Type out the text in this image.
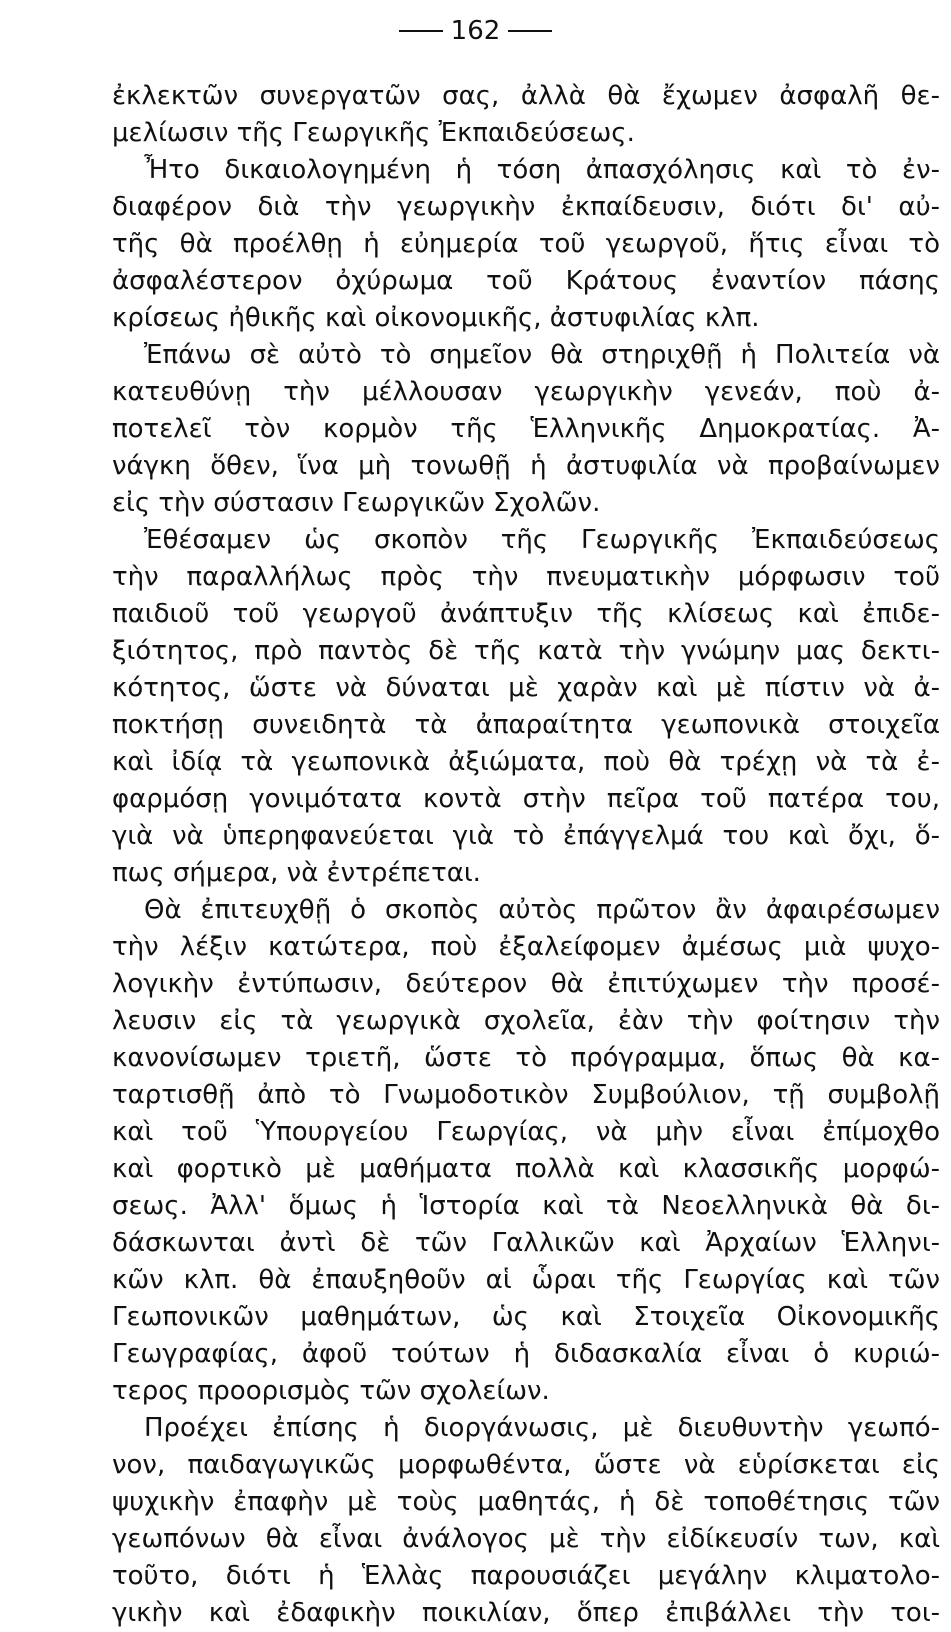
162
ἐκλεκτῶν συνεργατῶν σας, ἀλλὰ θὰ ἔχωμεν ἀσφαλῆ θε-
μελίωσιν τῆς Γεωργικῆς Ἐκπαιδεύσεως.
Ἦτο δικαιολογημένη ἡ τόση ἀπασχόλησις καὶ τὸ ἐν-
διαφέρον διὰ τὴν γεωργικὴν ἐκπαίδευσιν, διότι δι' αὐ-
τῆς θὰ προέλθῃ ἡ εὐημερία τοῦ γεωργοῦ, ἥτις εἶναι τὸ
ἀσφαλέστερον ὀχύρωμα τοῦ Κράτους ἐναντίον πάσης
κρίσεως ἠθικῆς καὶ οἰκονομικῆς, ἀστυφιλίας κλπ.
Ἐπάνω σὲ αὐτὸ τὸ σημεῖον θὰ στηριχθῇ ἡ Πολιτεία νὰ
κατευθύνῃ τὴν μέλλουσαν γεωργικὴν γενεάν, ποὺ ἀ-
ποτελεῖ τὸν κορμὸν τῆς Ἑλληνικῆς Δημοκρατίας. Ἀ-
νάγκη ὅθεν, ἵνα μὴ τονωθῇ ἡ ἀστυφιλία νὰ προβαίνωμεν
εἰς τὴν σύστασιν Γεωργικῶν Σχολῶν.
Ἐθέσαμεν ὡς σκοπὸν τῆς Γεωργικῆς Ἐκπαιδεύσεως
τὴν παραλλήλως πρὸς τὴν πνευματικὴν μόρφωσιν τοῦ
παιδιοῦ τοῦ γεωργοῦ ἀνάπτυξιν τῆς κλίσεως καὶ ἐπιδε-
ξιότητος, πρὸ παντὸς δὲ τῆς κατὰ τὴν γνώμην μας δεκτι-
κότητος, ὥστε νὰ δύναται μὲ χαρὰν καὶ μὲ πίστιν νὰ ἀ-
ποκτήσῃ συνειδητὰ τὰ ἀπαραίτητα γεωπονικὰ στοιχεῖα
καὶ ἰδίᾳ τὰ γεωπονικὰ ἀξιώματα, ποὺ θὰ τρέχῃ νὰ τὰ ἐ-
φαρμόσῃ γονιμότατα κοντὰ στὴν πεῖρα τοῦ πατέρα του,
γιὰ νὰ ὑπερηφανεύεται γιὰ τὸ ἐπάγγελμά του καὶ ὄχι, ὅ-
πως σήμερα, νὰ ἐντρέπεται.
Θὰ ἐπιτευχθῇ ὁ σκοπὸς αὐτὸς πρῶτον ἂν ἀφαιρέσωμεν
τὴν λέξιν κατώτερα, ποὺ ἐξαλείφομεν ἀμέσως μιὰ ψυχο-
λογικὴν ἐντύπωσιν, δεύτερον θὰ ἐπιτύχωμεν τὴν προσέ-
λευσιν εἰς τὰ γεωργικὰ σχολεῖα, ἐὰν τὴν φοίτησιν τὴν
κανονίσωμεν τριετῆ, ὥστε τὸ πρόγραμμα, ὅπως θὰ κα-
ταρτισθῇ ἀπὸ τὸ Γνωμοδοτικὸν Συμβούλιον, τῇ συμβολῇ
καὶ τοῦ Ὑπουργείου Γεωργίας, νὰ μὴν εἶναι ἐπίμοχθο
καὶ φορτικὸ μὲ μαθήματα πολλὰ καὶ κλασσικῆς μορφώ-
σεως. Ἀλλ' ὅμως ἡ Ἱστορία καὶ τὰ Νεοελληνικὰ θὰ δι-
δάσκωνται ἀντὶ δὲ τῶν Γαλλικῶν καὶ Ἀρχαίων Ἑλληνι-
κῶν κλπ. θὰ ἐπαυξηθοῦν αἱ ὧραι τῆς Γεωργίας καὶ τῶν
Γεωπονικῶν μαθημάτων, ὡς καὶ Στοιχεῖα Οἰκονομικῆς
Γεωγραφίας, ἀφοῦ τούτων ἡ διδασκαλία εἶναι ὁ κυριώ-
τερος προορισμὸς τῶν σχολείων.
Προέχει ἐπίσης ἡ διοργάνωσις, μὲ διευθυντὴν γεωπό-
νον, παιδαγωγικῶς μορφωθέντα, ὥστε νὰ εὑρίσκεται εἰς
ψυχικὴν ἐπαφὴν μὲ τοὺς μαθητάς, ἡ δὲ τοποθέτησις τῶν
γεωπόνων θὰ εἶναι ἀνάλογος μὲ τὴν εἰδίκευσίν των, καὶ
τοῦτο, διότι ἡ Ἑλλὰς παρουσιάζει μεγάλην κλιματολο-
γικὴν καὶ ἐδαφικὴν ποικιλίαν, ὅπερ ἐπιβάλλει τὴν τοι-
